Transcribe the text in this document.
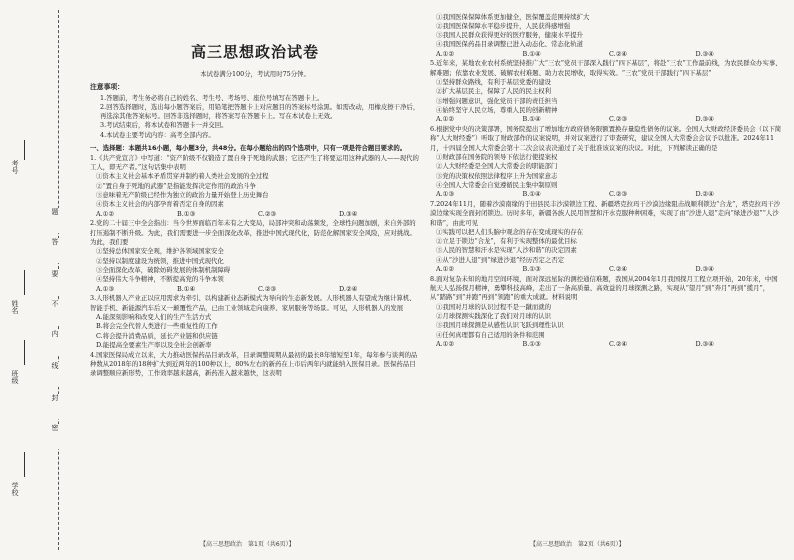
考号
姓名
班级
学校
题
答
要
不
内
线
封
密
高三思想政治试卷
本试卷满分100分，考试用时75分钟。
注意事项：

1.答题前，考生务必将自己的姓名、考生号、考场号、座位号填写在答题卡上。

2.回答选择题时，选出每小题答案后，用铅笔把答题卡上对应题目的答案标号涂黑。如需改动，用橡皮擦干净后，再选涂其他答案标号。回答非选择题时，将答案写在答题卡上。写在本试卷上无效。

3.考试结束后，将本试卷和答题卡一并交回。

4.本试卷主要考试内容：高考全部内容。

一、选择题：本题共16小题，每小题3分，共48分。在每小题给出的四个选项中，只有一项是符合题目要求的。

1.《共产党宣言》中写道：“资产阶级不仅锻造了置自身于死地的武器；它还产生了将要运用这种武器的人——现代的工人，即无产者。”这句话集中表明

①资本主义社会基本矛盾贯穿并制约着人类社会发展的全过程

②“置自身于死地的武器”是指能发挥决定作用的政治斗争

③意味着无产阶级已经作为独立的政治力量开始登上历史舞台

④资本主义社会的内部孕育着否定自身的因素

A.①②	B.①③	C.②③	D.③④

2.党的二十届三中全会指出：当今世界面临百年未有之大变局，局部冲突和动荡频发，全球性问题加剧，来自外部的打压遏制不断升级。为此，我们需要进一步全面深化改革，推进中国式现代化，防范化解国家安全风险，应对挑战。为此，我们要

①坚持总体国家安全观，维护各领域国家安全

②坚持以制度建设为统领，推进中国式现代化

③全面深化改革，破除妨碍发展的体制机制障碍

④坚持伟大斗争精神，不断提高党的斗争本领

A.①③	B.①④	C.②③	D.②④

3.人形机器人产业正以应用需求为牵引、以构建新业态新模式为导向的生态新发展。人形机器人有望成为继计算机、智能手机、新能源汽车后又一颠覆性产品，已由工业领域走向康养、家居服务等场景。可见，人形机器人的发展

A.能深刻影响和改变人们的生产生活方式

B.将会完全代替人类进行一些重复性的工作

C.将会提升消费品质，延长产业链和供应链

D.能提高全要素生产率以及全社会创新率

4.国家医保局成立以来，大力推动医保药品目录改革，目录调整周期从最初的最长8年缩短至1年，每年参与谈判的品种数从2018年的18种扩大到近两年的100种以上，80%左右的新药在上市后两年内就能纳入医保目录。医保药品目录调整顺应新形势，工作效率越来越高，新药准入越来越快，这表明

①我国医保保障体系更加健全，医保覆盖范围持续扩大

②我国医保保障水平稳步提升，人民获得感增强

③我国人民群众获得更好的医疗服务，健康水平提升

④我国医保药品目录调整已进入动态化、常态化轨道

A.①②	B.①④	C.②④	D.③④

5.近年来，某地农业农村系统坚持推广大“三农”党员干部深入践行“四下基层”，将赴“三农”工作最前线，为农民群众办实事、解难题；依靠农业发展、破解农村难题、助力农民增收，取得实效。“三农”党员干部践行“四下基层”

①坚持群众路线，有利于基层党委的建设

②扩大基层民主，保障了人民的民主权利

③增强问题意识，强化党员干部的责任担当

④始终坚守人民立场，尊重人民的创新精神

A.①②	B.①④	C.②③	D.③④

6.根据党中央的决策部署，国务院提出了增加地方政府债务限额置换存量隐性债务的议案。全国人大财政经济委员会（以下简称“人大财经委”）听取了财政部作的议案说明，并对议案进行了审查研究，建议全国人大常委会会议予以批准。2024年11月，十四届全国人大常委会第十二次会议表决通过了关于批准该议案的决议。对此，下列解读正确的是

①财政部在国务院的领导下依法行使提案权

②人大财经委是全国人大常委会的职能部门

③党的决策权依照法律程序上升为国家意志

④全国人大常委会自觉遵循民主集中制原则

A.①③	B.①④	C.②③	D.②④

7.2024年11月，随着沙漠南缘的于田县民丰沙漠锁边工程、新疆塔克拉玛干沙漠边缘阻击战顺利锁边“合龙”，塔克拉玛干沙漠边缘实现全面封闭锁边。历时多年，新疆各族人民用智慧和汗水克服种种困难，实现了由“沙进人退”走向“绿进沙退”“人沙和谐”，由此可见

①实践可以把人们头脑中观念的存在变成现实的存在

②立足于锁边“合龙”，有利于实现整体的最优目标

③人民的智慧和汗水是实现“人沙和谐”的决定因素

④从“沙进人退”到“绿进沙退”经历否定之否定

A.①②	B.①③	C.②④	D.③④

8.面对复杂未知的地月空间环境，面对深远星际的测控通信难题，我国从2004年1月我国探月工程立项开始，20年来，中国航天人弘扬探月精神，勇攀科技高峰，走出了一条高质量、高效益的月球探测之路，实现从“望月”到“奔月”再到“揽月”，从“踏路”到“并跑”再到“领跑”的重大成就。材料说明

①我国对月球的认识过程不是一蹴而就的

②月球探测实践深化了我们对月球的认识

③我国月球探测是从感性认识飞跃到理性认识

④任何真理都有自己适用的条件和范围

A.①②	B.①③	C.②④	D.③④
【高三思想政治　第1页（共6页）】	【高三思想政治　第2页（共6页）】
